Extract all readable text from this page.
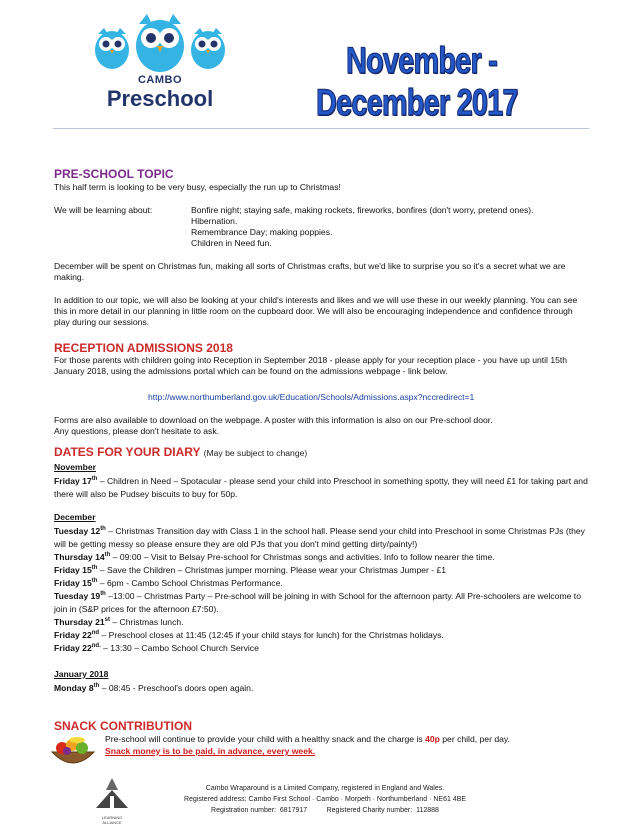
CAMBO
Preschool
November -
December 2017
PRE-SCHOOL TOPIC
This half term is looking to be very busy, especially the run up to Christmas!
We will be learning about:	Bonfire night; staying safe, making rockets, fireworks, bonfires (don't worry, pretend ones).
Hibernation.
Remembrance Day; making poppies.
Children in Need fun.
December will be spent on Christmas fun, making all sorts of Christmas crafts, but we'd like to surprise you so it's a secret what we are making.
In addition to our topic, we will also be looking at your child's interests and likes and we will use these in our weekly planning. You can see this in more detail in our planning in little room on the cupboard door. We will also be encouraging independence and confidence through play during our sessions.
RECEPTION ADMISSIONS 2018
For those parents with children going into Reception in September 2018 - please apply for your reception place - you have up until 15th January 2018, using the admissions portal which can be found on the admissions webpage - link below.
http://www.northumberland.gov.uk/Education/Schools/Admissions.aspx?nccredirect=1
Forms are also available to download on the webpage. A poster with this information is also on our Pre-school door.
Any questions, please don't hesitate to ask.
DATES FOR YOUR DIARY (May be subject to change)
November
Friday 17th – Children in Need – Spotacular - please send your child into Preschool in something spotty, they will need £1 for taking part and there will also be Pudsey biscuits to buy for 50p.
December
Tuesday 12th – Christmas Transition day with Class 1 in the school hall. Please send your child into Preschool in some Christmas PJs (they will be getting messy so please ensure they are old PJs that you don't mind getting dirty/painty!)
Thursday 14th – 09:00 – Visit to Belsay Pre-school for Christmas songs and activities. Info to follow nearer the time.
Friday 15th – Save the Children – Christmas jumper morning. Please wear your Christmas Jumper - £1
Friday 15th – 6pm - Cambo School Christmas Performance.
Tuesday 19th –13:00 – Christmas Party – Pre-school will be joining in with School for the afternoon party. All Pre-schoolers are welcome to join in (S&P prices for the afternoon £7:50).
Thursday 21st – Christmas lunch.
Friday 22nd – Preschool closes at 11:45 (12:45 if your child stays for lunch) for the Christmas holidays.
Friday $22^{nd.}$ – 13:30 – Cambo School Church Service
January 2018
Monday 8th – 08:45 - Preschool's doors open again.
SNACK CONTRIBUTION
Pre-school will continue to provide your child with a healthy snack and the charge is 40p per child, per day.
Snack money is to be paid, in advance, every week.
LEARNING ALLIANCE
Cambo Wraparound is a Limited Company, registered in England and Wales.
Registered address: Cambo First School · Cambo · Morpeth · Northumberland · NE61 4BE
Registration number:  6817917          Registered Charity number:  112888
